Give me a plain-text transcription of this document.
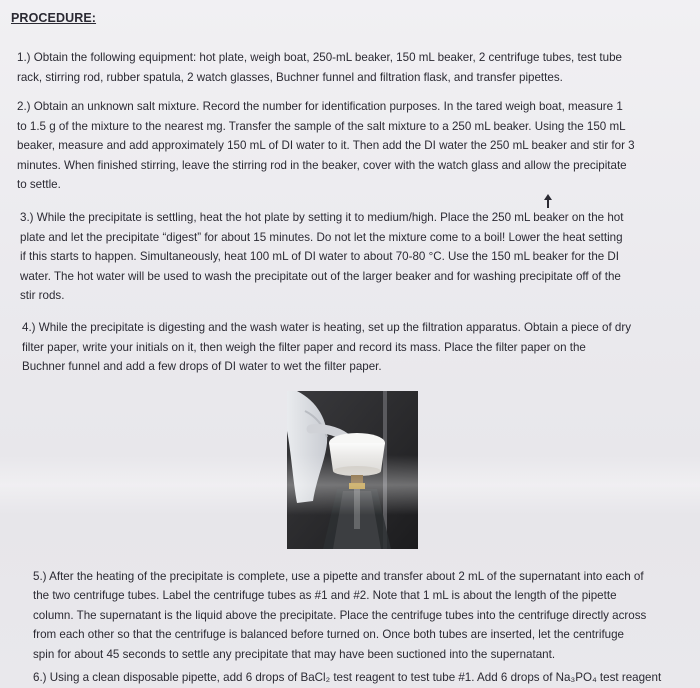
PROCEDURE:

1.) Obtain the following equipment: hot plate, weigh boat, 250-mL beaker, 150 mL beaker, 2 centrifuge tubes, test tube
rack, stirring rod, rubber spatula, 2 watch glasses, Buchner funnel and filtration flask, and transfer pipettes.

2.) Obtain an unknown salt mixture. Record the number for identification purposes. In the tared weigh boat, measure 1
to 1.5 g of the mixture to the nearest mg. Transfer the sample of the salt mixture to a 250 mL beaker. Using the 150 mL
beaker, measure and add approximately 150 mL of DI water to it. Then add the DI water the 250 mL beaker and stir for 3
minutes. When finished stirring, leave the stirring rod in the beaker, cover with the watch glass and allow the precipitate
to settle.

3.) While the precipitate is settling, heat the hot plate by setting it to medium/high. Place the 250 mL beaker on the hot
plate and let the precipitate “digest” for about 15 minutes. Do not let the mixture come to a boil! Lower the heat setting
if this starts to happen. Simultaneously, heat 100 mL of DI water to about 70-80 °C. Use the 150 mL beaker for the DI
water. The hot water will be used to wash the precipitate out of the larger beaker and for washing precipitate off of the
stir rods.

4.) While the precipitate is digesting and the wash water is heating, set up the filtration apparatus. Obtain a piece of dry
filter paper, write your initials on it, then weigh the filter paper and record its mass. Place the filter paper on the
Buchner funnel and add a few drops of DI water to wet the filter paper.

5.) After the heating of the precipitate is complete, use a pipette and transfer about 2 mL of the supernatant into each of
the two centrifuge tubes. Label the centrifuge tubes as #1 and #2. Note that 1 mL is about the length of the pipette
column. The supernatant is the liquid above the precipitate. Place the centrifuge tubes into the centrifuge directly across
from each other so that the centrifuge is balanced before turned on. Once both tubes are inserted, let the centrifuge
spin for about 45 seconds to settle any precipitate that may have been suctioned into the supernatant.

6.) Using a clean disposable pipette, add 6 drops of BaCl₂ test reagent to test tube #1. Add 6 drops of Na₃PO₄ test reagent
